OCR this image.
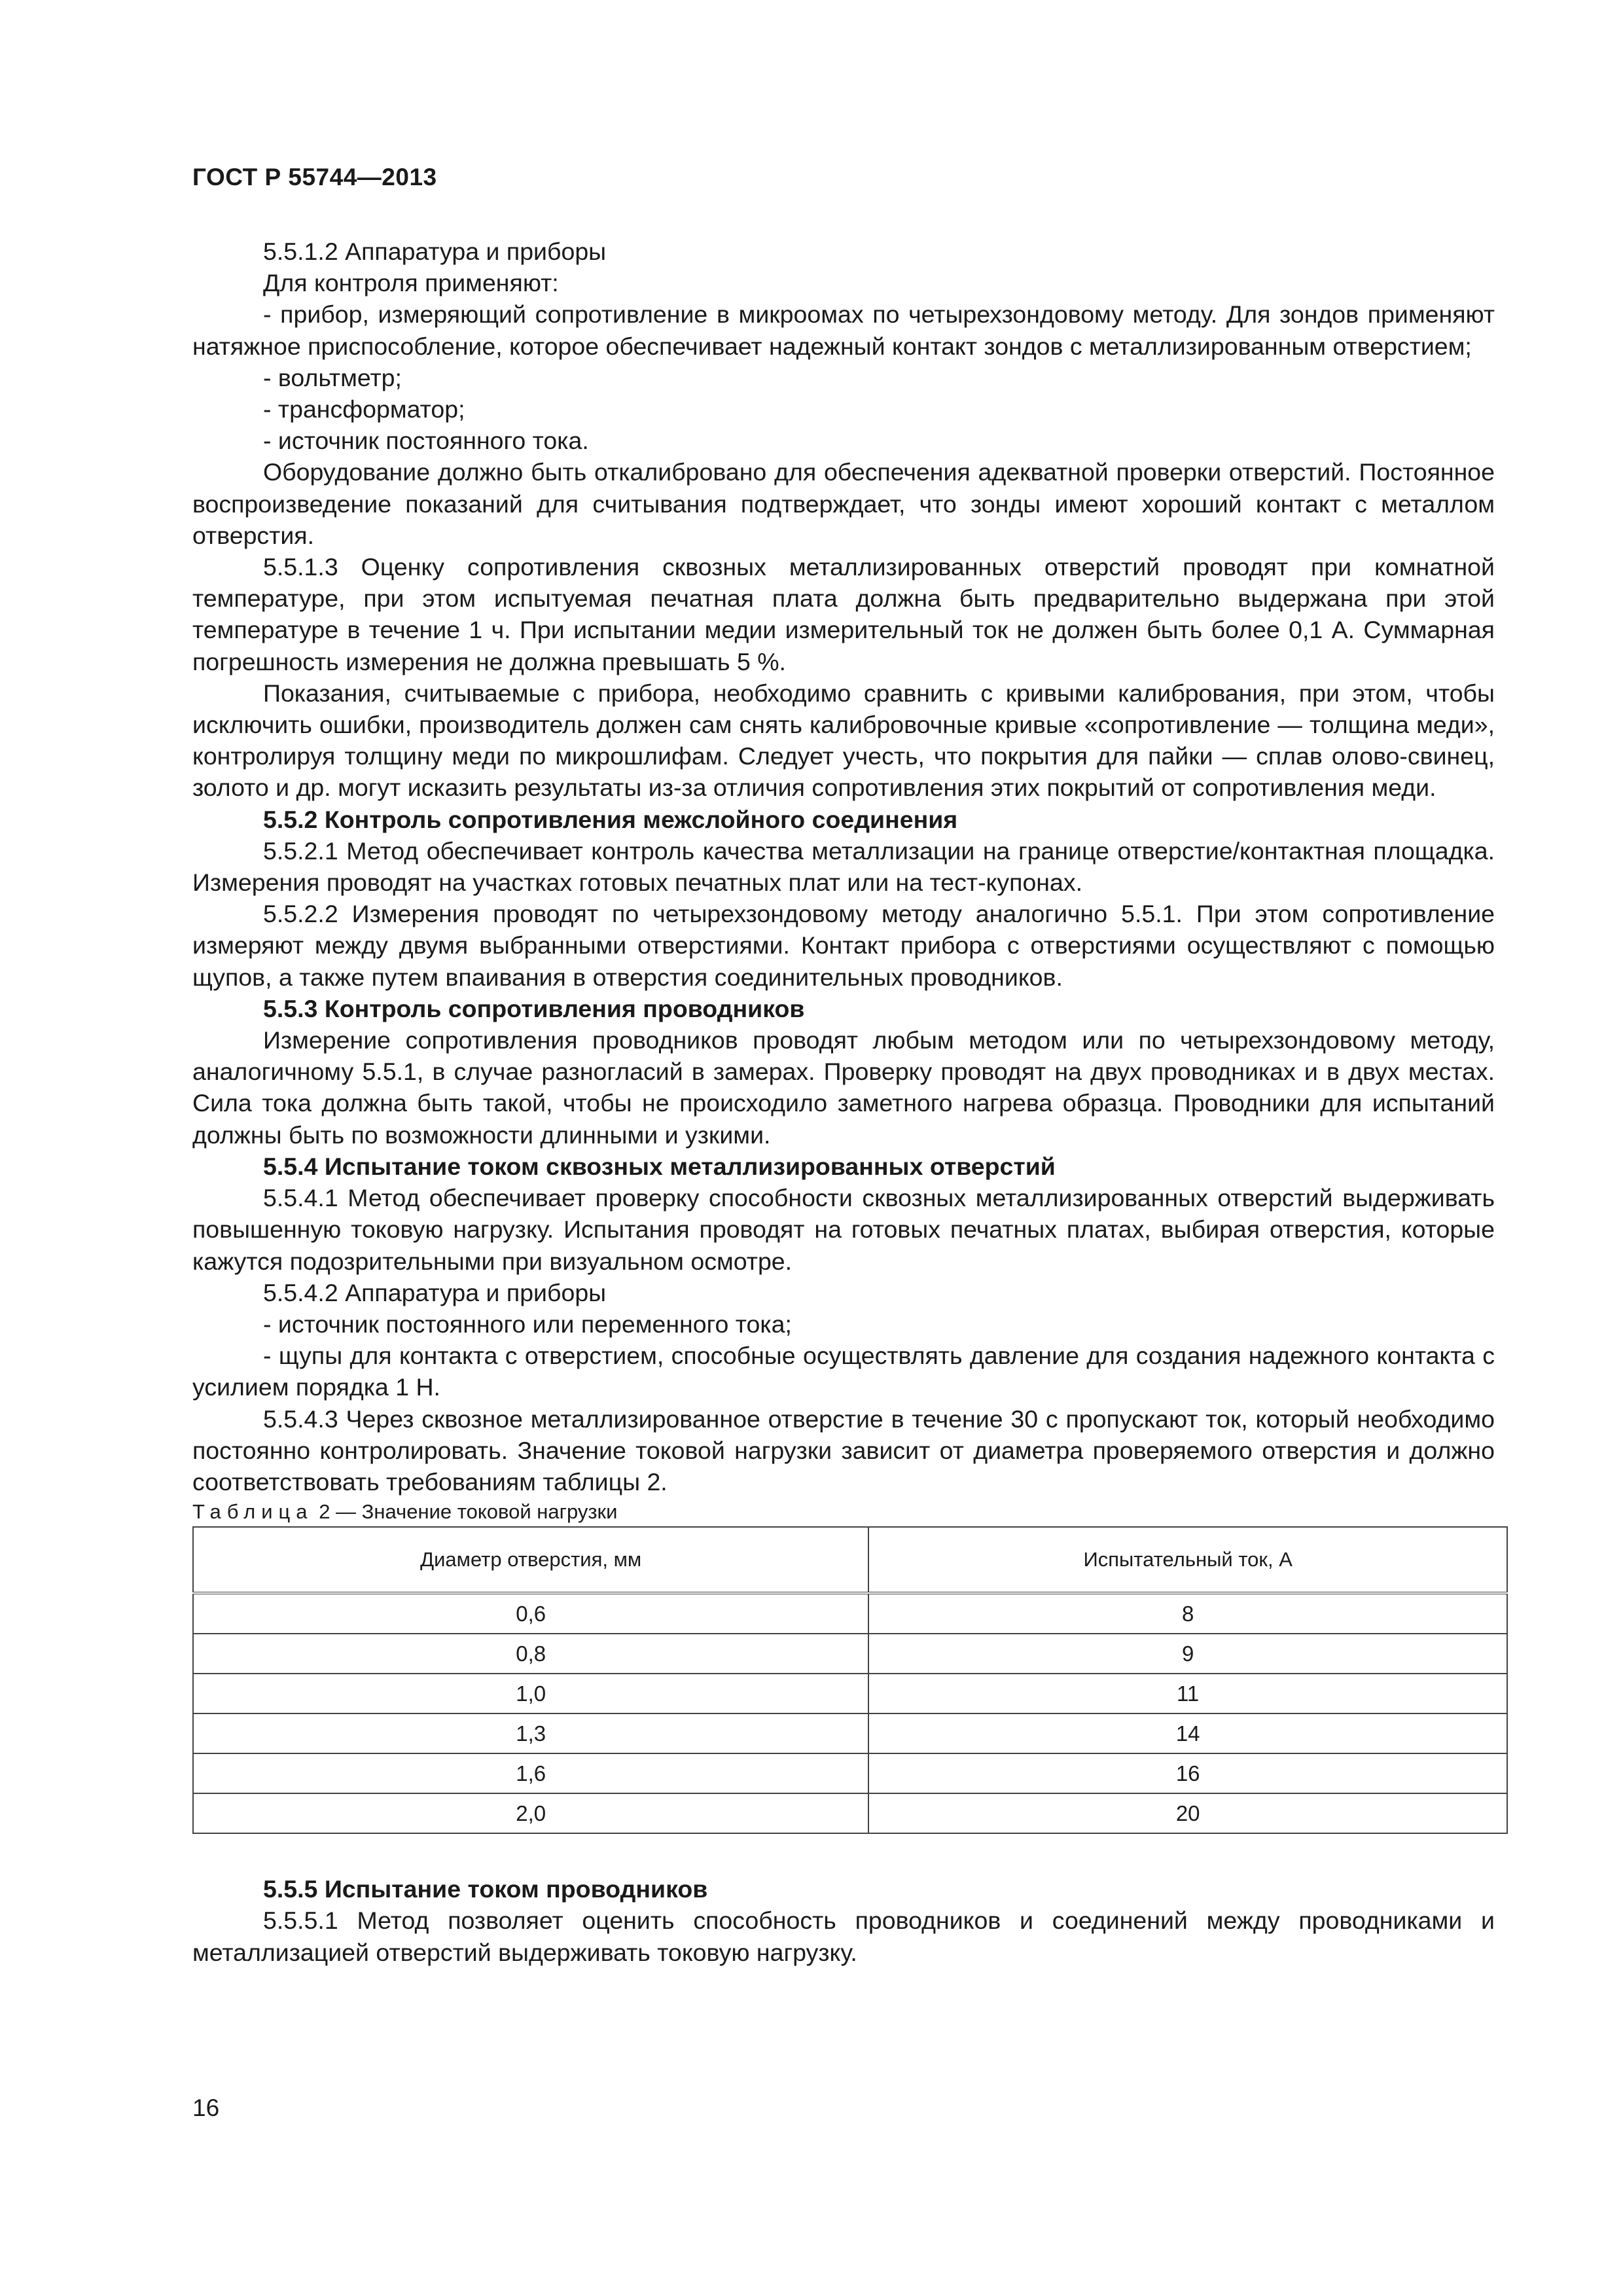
ГОСТ Р 55744—2013

5.5.1.2 Аппаратура и приборы

Для контроля применяют:

- прибор, измеряющий сопротивление в микроомах по четырехзондовому методу. Для зондов применяют натяжное приспособление, которое обеспечивает надежный контакт зондов с металлизированным отверстием;

- вольтметр;

- трансформатор;

- источник постоянного тока.

Оборудование должно быть откалибровано для обеспечения адекватной проверки отверстий. Постоянное воспроизведение показаний для считывания подтверждает, что зонды имеют хороший контакт с металлом отверстия.

5.5.1.3 Оценку сопротивления сквозных металлизированных отверстий проводят при комнатной температуре, при этом испытуемая печатная плата должна быть предварительно выдержана при этой температуре в течение 1 ч. При испытании медии измерительный ток не должен быть более 0,1 А. Суммарная погрешность измерения не должна превышать 5 %.

Показания, считываемые с прибора, необходимо сравнить с кривыми калибрования, при этом, чтобы исключить ошибки, производитель должен сам снять калибровочные кривые «сопротивление — толщина меди», контролируя толщину меди по микрошлифам. Следует учесть, что покрытия для пайки — сплав олово-свинец, золото и др. могут исказить результаты из-за отличия сопротивления этих покрытий от сопротивления меди.

5.5.2 Контроль сопротивления межслойного соединения

5.5.2.1 Метод обеспечивает контроль качества металлизации на границе отверстие/контактная площадка. Измерения проводят на участках готовых печатных плат или на тест-купонах.

5.5.2.2 Измерения проводят по четырехзондовому методу аналогично 5.5.1. При этом сопротивление измеряют между двумя выбранными отверстиями. Контакт прибора с отверстиями осуществляют с помощью щупов, а также путем впаивания в отверстия соединительных проводников.

5.5.3 Контроль сопротивления проводников

Измерение сопротивления проводников проводят любым методом или по четырехзондовому методу, аналогичному 5.5.1, в случае разногласий в замерах. Проверку проводят на двух проводниках и в двух местах. Сила тока должна быть такой, чтобы не происходило заметного нагрева образца. Проводники для испытаний должны быть по возможности длинными и узкими.

5.5.4 Испытание током сквозных металлизированных отверстий

5.5.4.1 Метод обеспечивает проверку способности сквозных металлизированных отверстий выдерживать повышенную токовую нагрузку. Испытания проводят на готовых печатных платах, выбирая отверстия, которые кажутся подозрительными при визуальном осмотре.

5.5.4.2 Аппаратура и приборы

- источник постоянного или переменного тока;

- щупы для контакта с отверстием, способные осуществлять давление для создания надежного контакта с усилием порядка 1 Н.

5.5.4.3 Через сквозное металлизированное отверстие в течение 30 с пропускают ток, который необходимо постоянно контролировать. Значение токовой нагрузки зависит от диаметра проверяемого отверстия и должно соответствовать требованиям таблицы 2.

Таблица 2 — Значение токовой нагрузки

Диаметр отверстия, мм	Испытательный ток, А
0,6	8
0,8	9
1,0	11
1,3	14
1,6	16
2,0	20

5.5.5 Испытание током проводников

5.5.5.1 Метод позволяет оценить способность проводников и соединений между проводниками и металлизацией отверстий выдерживать токовую нагрузку.

16
